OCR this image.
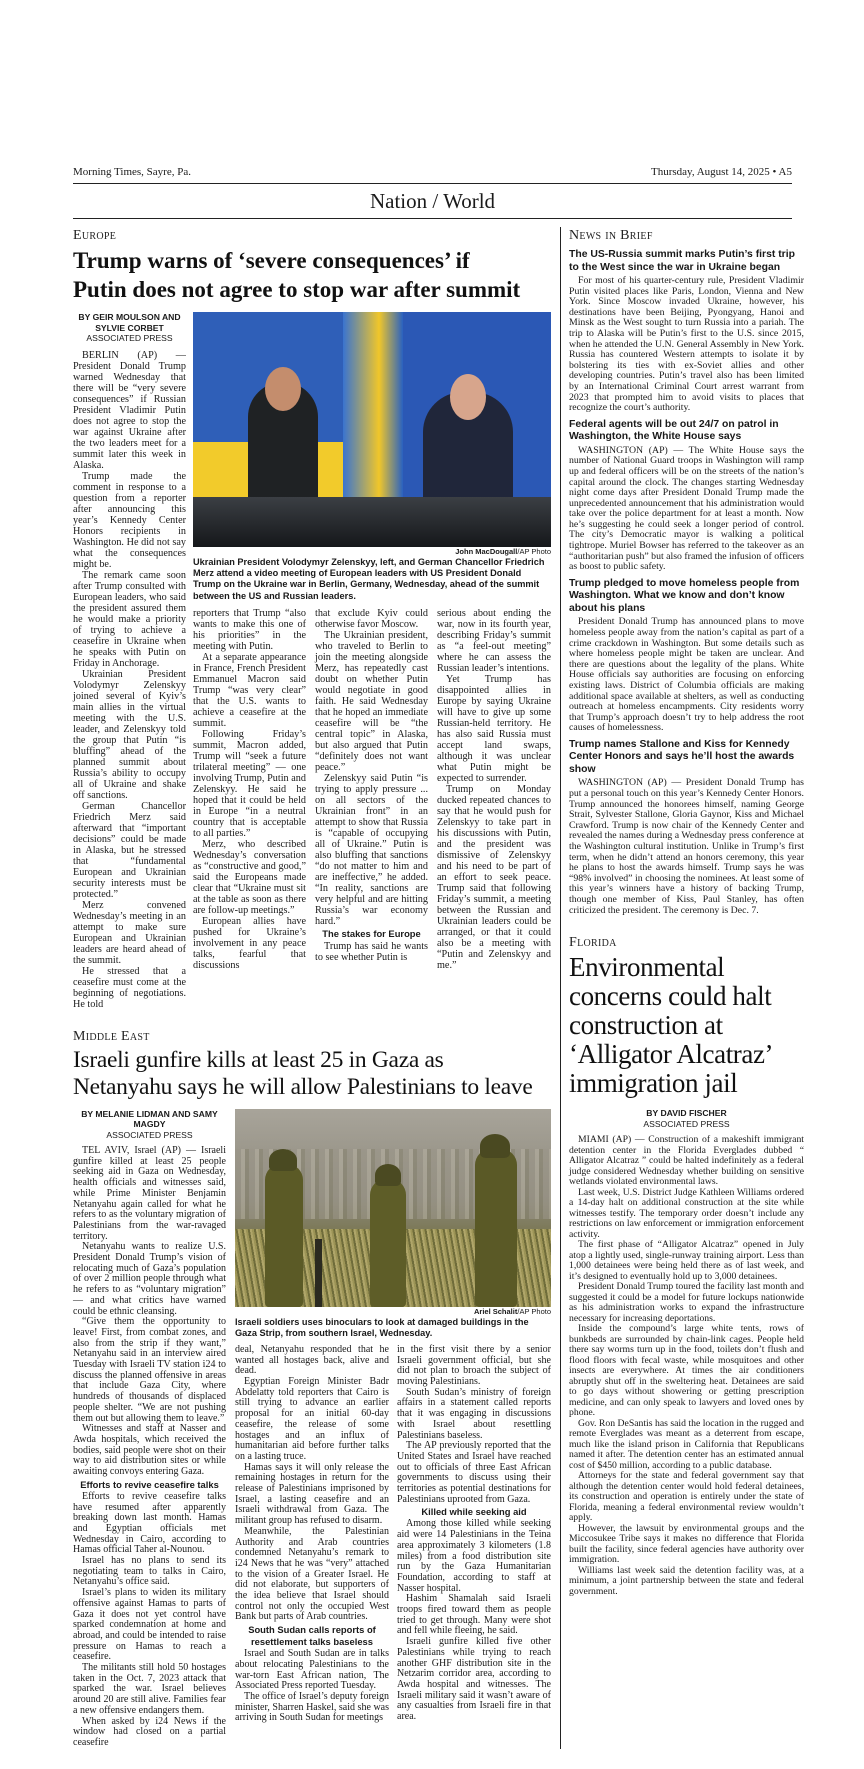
Morning Times, Sayre, Pa.	Thursday, August 14, 2025 • A5
Nation / World
Europe
Trump warns of ‘severe consequences’ if
Putin does not agree to stop war after summit
BY GEIR MOULSON AND SYLVIE CORBET
ASSOCIATED PRESS

BERLIN (AP) — President Donald Trump warned Wednesday that there will be “very severe consequences” if Russian President Vladimir Putin does not agree to stop the war against Ukraine after the two leaders meet for a summit later this week in Alaska.

Trump made the comment in response to a question from a reporter after announcing this year’s Kennedy Center Honors recipients in Washington. He did not say what the consequences might be.

The remark came soon after Trump consulted with European leaders, who said the president assured them he would make a priority of trying to achieve a ceasefire in Ukraine when he speaks with Putin on Friday in Anchorage.

Ukrainian President Volodymyr Zelenskyy joined several of Kyiv’s main allies in the virtual meeting with the U.S. leader, and Zelenskyy told the group that Putin “is bluffing” ahead of the planned summit about Russia’s ability to occupy all of Ukraine and shake off sanctions.

German Chancellor Friedrich Merz said afterward that “important decisions” could be made in Alaska, but he stressed that “fundamental European and Ukrainian security interests must be protected.”

Merz convened Wednesday’s meeting in an attempt to make sure European and Ukrainian leaders are heard ahead of the summit.

He stressed that a ceasefire must come at the beginning of negotiations. He told

John MacDougall/AP Photo
Ukrainian President Volodymyr Zelenskyy, left, and German Chancellor Friedrich Merz attend a video meeting of European leaders with US President Donald Trump on the Ukraine war in Berlin, Germany, Wednesday, ahead of the summit between the US and Russian leaders.

reporters that Trump “also wants to make this one of his priorities” in the meeting with Putin.

At a separate appearance in France, French President Emmanuel Macron said Trump “was very clear” that the U.S. wants to achieve a ceasefire at the summit.

Following Friday’s summit, Macron added, Trump will “seek a future trilateral meeting” — one involving Trump, Putin and Zelenskyy. He said he hoped that it could be held in Europe “in a neutral country that is acceptable to all parties.”

Merz, who described Wednesday’s conversation as “constructive and good,” said the Europeans made clear that “Ukraine must sit at the table as soon as there are follow-up meetings.”

European allies have pushed for Ukraine’s involvement in any peace talks, fearful that discussions

that exclude Kyiv could otherwise favor Moscow.

The Ukrainian president, who traveled to Berlin to join the meeting alongside Merz, has repeatedly cast doubt on whether Putin would negotiate in good faith. He said Wednesday that he hoped an immediate ceasefire will be “the central topic” in Alaska, but also argued that Putin “definitely does not want peace.”

Zelenskyy said Putin “is trying to apply pressure ... on all sectors of the Ukrainian front” in an attempt to show that Russia is “capable of occupying all of Ukraine.” Putin is also bluffing that sanctions “do not matter to him and are ineffective,” he added. “In reality, sanctions are very helpful and are hitting Russia’s war economy hard.”

The stakes for Europe

Trump has said he wants to see whether Putin is

serious about ending the war, now in its fourth year, describing Friday’s summit as “a feel-out meeting” where he can assess the Russian leader’s intentions.

Yet Trump has disappointed allies in Europe by saying Ukraine will have to give up some Russian-held territory. He has also said Russia must accept land swaps, although it was unclear what Putin might be expected to surrender.

Trump on Monday ducked repeated chances to say that he would push for Zelenskyy to take part in his discussions with Putin, and the president was dismissive of Zelenskyy and his need to be part of an effort to seek peace. Trump said that following Friday’s summit, a meeting between the Russian and Ukrainian leaders could be arranged, or that it could also be a meeting with “Putin and Zelenskyy and me.”

Middle East
Israeli gunfire kills at least 25 in Gaza as
Netanyahu says he will allow Palestinians to leave
BY MELANIE LIDMAN AND SAMY MAGDY
ASSOCIATED PRESS

TEL AVIV, Israel (AP) — Israeli gunfire killed at least 25 people seeking aid in Gaza on Wednesday, health officials and witnesses said, while Prime Minister Benjamin Netanyahu again called for what he refers to as the voluntary migration of Palestinians from the war-ravaged territory.

Netanyahu wants to realize U.S. President Donald Trump’s vision of relocating much of Gaza’s population of over 2 million people through what he refers to as “voluntary migration” — and what critics have warned could be ethnic cleansing.

“Give them the opportunity to leave! First, from combat zones, and also from the strip if they want,” Netanyahu said in an interview aired Tuesday with Israeli TV station i24 to discuss the planned offensive in areas that include Gaza City, where hundreds of thousands of displaced people shelter. “We are not pushing them out but allowing them to leave.”

Witnesses and staff at Nasser and Awda hospitals, which received the bodies, said people were shot on their way to aid distribution sites or while awaiting convoys entering Gaza.

Efforts to revive ceasefire talks

Efforts to revive ceasefire talks have resumed after apparently breaking down last month. Hamas and Egyptian officials met Wednesday in Cairo, according to Hamas official Taher al-Nounou.

Israel has no plans to send its negotiating team to talks in Cairo, Netanyahu’s office said.

Israel’s plans to widen its military offensive against Hamas to parts of Gaza it does not yet control have sparked condemnation at home and abroad, and could be intended to raise pressure on Hamas to reach a ceasefire.

The militants still hold 50 hostages taken in the Oct. 7, 2023 attack that sparked the war. Israel believes around 20 are still alive. Families fear a new offensive endangers them.

When asked by i24 News if the window had closed on a partial ceasefire

Ariel Schalit/AP Photo
Israeli soldiers uses binoculars to look at damaged buildings in the Gaza Strip, from southern Israel, Wednesday.

deal, Netanyahu responded that he wanted all hostages back, alive and dead.

Egyptian Foreign Minister Badr Abdelatty told reporters that Cairo is still trying to advance an earlier proposal for an initial 60-day ceasefire, the release of some hostages and an influx of humanitarian aid before further talks on a lasting truce.

Hamas says it will only release the remaining hostages in return for the release of Palestinians imprisoned by Israel, a lasting ceasefire and an Israeli withdrawal from Gaza. The militant group has refused to disarm.

Meanwhile, the Palestinian Authority and Arab countries condemned Netanyahu’s remark to i24 News that he was “very” attached to the vision of a Greater Israel. He did not elaborate, but supporters of the idea believe that Israel should control not only the occupied West Bank but parts of Arab countries.

South Sudan calls reports of resettlement talks baseless

Israel and South Sudan are in talks about relocating Palestinians to the war-torn East African nation, The Associated Press reported Tuesday.

The office of Israel’s deputy foreign minister, Sharren Haskel, said she was arriving in South Sudan for meetings

in the first visit there by a senior Israeli government official, but she did not plan to broach the subject of moving Palestinians.

South Sudan’s ministry of foreign affairs in a statement called reports that it was engaging in discussions with Israel about resettling Palestinians baseless.

The AP previously reported that the United States and Israel have reached out to officials of three East African governments to discuss using their territories as potential destinations for Palestinians uprooted from Gaza.

Killed while seeking aid

Among those killed while seeking aid were 14 Palestinians in the Teina area approximately 3 kilometers (1.8 miles) from a food distribution site run by the Gaza Humanitarian Foundation, according to staff at Nasser hospital.

Hashim Shamalah said Israeli troops fired toward them as people tried to get through. Many were shot and fell while fleeing, he said.

Israeli gunfire killed five other Palestinians while trying to reach another GHF distribution site in the Netzarim corridor area, according to Awda hospital and witnesses. The Israeli military said it wasn’t aware of any casualties from Israeli fire in that area.

News in Brief
The US-Russia summit marks Putin’s first trip to the West since the war in Ukraine began

For most of his quarter-century rule, President Vladimir Putin visited places like Paris, London, Vienna and New York. Since Moscow invaded Ukraine, however, his destinations have been Beijing, Pyongyang, Hanoi and Minsk as the West sought to turn Russia into a pariah. The trip to Alaska will be Putin’s first to the U.S. since 2015, when he attended the U.N. General Assembly in New York. Russia has countered Western attempts to isolate it by bolstering its ties with ex-Soviet allies and other developing countries. Putin’s travel also has been limited by an International Criminal Court arrest warrant from 2023 that prompted him to avoid visits to places that recognize the court’s authority.

Federal agents will be out 24/7 on patrol in Washington, the White House says

WASHINGTON (AP) — The White House says the number of National Guard troops in Washington will ramp up and federal officers will be on the streets of the nation’s capital around the clock. The changes starting Wednesday night come days after President Donald Trump made the unprecedented announcement that his administration would take over the police department for at least a month. Now he’s suggesting he could seek a longer period of control. The city’s Democratic mayor is walking a political tightrope. Muriel Bowser has referred to the takeover as an “authoritarian push” but also framed the infusion of officers as boost to public safety.

Trump pledged to move homeless people from Washington. What we know and don’t know about his plans

President Donald Trump has announced plans to move homeless people away from the nation’s capital as part of a crime crackdown in Washington. But some details such as where homeless people might be taken are unclear. And there are questions about the legality of the plans. White House officials say authorities are focusing on enforcing existing laws. District of Columbia officials are making additional space available at shelters, as well as conducting outreach at homeless encampments. City residents worry that Trump’s approach doesn’t try to help address the root causes of homelessness.

Trump names Stallone and Kiss for Kennedy Center Honors and says he’ll host the awards show

WASHINGTON (AP) — President Donald Trump has put a personal touch on this year’s Kennedy Center Honors. Trump announced the honorees himself, naming George Strait, Sylvester Stallone, Gloria Gaynor, Kiss and Michael Crawford. Trump is now chair of the Kennedy Center and revealed the names during a Wednesday press conference at the Washington cultural institution. Unlike in Trump’s first term, when he didn’t attend an honors ceremony, this year he plans to host the awards himself. Trump says he was “98% involved” in choosing the nominees. At least some of this year’s winners have a history of backing Trump, though one member of Kiss, Paul Stanley, has often criticized the president. The ceremony is Dec. 7.

Florida
Environmental concerns could halt construction at ‘Alligator Alcatraz’ immigration jail
BY DAVID FISCHER
ASSOCIATED PRESS

MIAMI (AP) — Construction of a makeshift immigrant detention center in the Florida Everglades dubbed “ Alligator Alcatraz ” could be halted indefinitely as a federal judge considered Wednesday whether building on sensitive wetlands violated environmental laws.

Last week, U.S. District Judge Kathleen Williams ordered a 14-day halt on additional construction at the site while witnesses testify. The temporary order doesn’t include any restrictions on law enforcement or immigration enforcement activity.

The first phase of “Alligator Alcatraz” opened in July atop a lightly used, single-runway training airport. Less than 1,000 detainees were being held there as of last week, and it’s designed to eventually hold up to 3,000 detainees.

President Donald Trump toured the facility last month and suggested it could be a model for future lockups nationwide as his administration works to expand the infrastructure necessary for increasing deportations.

Inside the compound’s large white tents, rows of bunkbeds are surrounded by chain-link cages. People held there say worms turn up in the food, toilets don’t flush and flood floors with fecal waste, while mosquitoes and other insects are everywhere. At times the air conditioners abruptly shut off in the sweltering heat. Detainees are said to go days without showering or getting prescription medicine, and can only speak to lawyers and loved ones by phone.

Gov. Ron DeSantis has said the location in the rugged and remote Everglades was meant as a deterrent from escape, much like the island prison in California that Republicans named it after. The detention center has an estimated annual cost of $450 million, according to a public database.

Attorneys for the state and federal government say that although the detention center would hold federal detainees, its construction and operation is entirely under the state of Florida, meaning a federal environmental review wouldn’t apply.

However, the lawsuit by environmental groups and the Miccosukee Tribe says it makes no difference that Florida built the facility, since federal agencies have authority over immigration.

Williams last week said the detention facility was, at a minimum, a joint partnership between the state and federal government.
